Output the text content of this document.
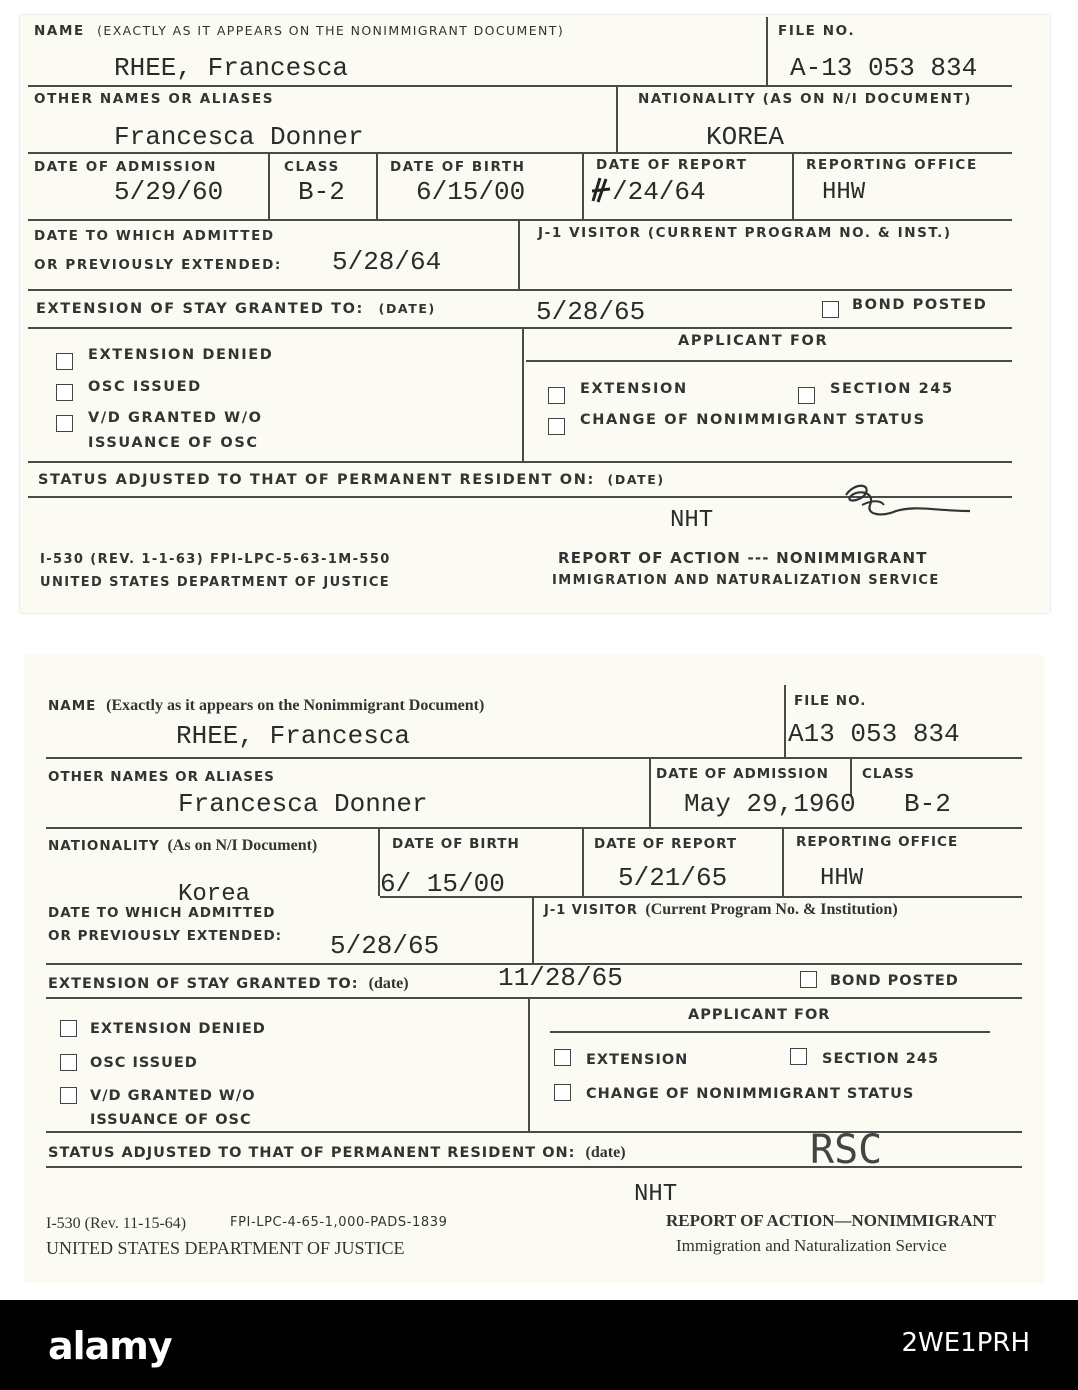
NAME (EXACTLY AS IT APPEARS ON THE NONIMMIGRANT DOCUMENT)
RHEE, Francesca
FILE NO.
A-13 053 834
OTHER NAMES OR ALIASES
Francesca Donner
NATIONALITY (AS ON N/I DOCUMENT)
KOREA
DATE OF ADMISSION
5/29/60
CLASS
B-2
DATE OF BIRTH
6/15/00
DATE OF REPORT
/24/64
REPORTING OFFICE
HHW
DATE TO WHICH ADMITTED
OR PREVIOUSLY EXTENDED: 5/28/64
J-1 VISITOR (CURRENT PROGRAM NO. & INST.)
EXTENSION OF STAY GRANTED TO: (DATE)	5/28/65	BOND POSTED
EXTENSION DENIED
OSC ISSUED
V/D GRANTED W/O
ISSUANCE OF OSC
APPLICANT FOR
EXTENSION	SECTION 245
CHANGE OF NONIMMIGRANT STATUS
STATUS ADJUSTED TO THAT OF PERMANENT RESIDENT ON: (DATE)
NHT
I-530 (REV. 1-1-63) FPI-LPC-5-63-1M-550
UNITED STATES DEPARTMENT OF JUSTICE
REPORT OF ACTION --- NONIMMIGRANT
IMMIGRATION AND NATURALIZATION SERVICE
NAME (Exactly as it appears on the Nonimmigrant Document)
RHEE, Francesca
FILE NO.
A13 053 834
OTHER NAMES OR ALIASES
Francesca Donner
DATE OF ADMISSION
May 29,1960
CLASS
B-2
NATIONALITY (As on N/I Document)
Korea
DATE OF BIRTH
6/ 15/00
DATE OF REPORT
5/21/65
REPORTING OFFICE
HHW
DATE TO WHICH ADMITTED
OR PREVIOUSLY EXTENDED: 5/28/65
J-1 VISITOR (Current Program No. & Institution)
EXTENSION OF STAY GRANTED TO: (date)	11/28/65	BOND POSTED
EXTENSION DENIED
OSC ISSUED
V/D GRANTED W/O
ISSUANCE OF OSC
APPLICANT FOR
EXTENSION	SECTION 245
CHANGE OF NONIMMIGRANT STATUS
STATUS ADJUSTED TO THAT OF PERMANENT RESIDENT ON: (date)	RSC
NHT
I-530 (Rev. 11-15-64)	FPI-LPC-4-65-1,000-PADS-1839
UNITED STATES DEPARTMENT OF JUSTICE
REPORT OF ACTION—NONIMMIGRANT
Immigration and Naturalization Service
alamy	2WE1PRH
